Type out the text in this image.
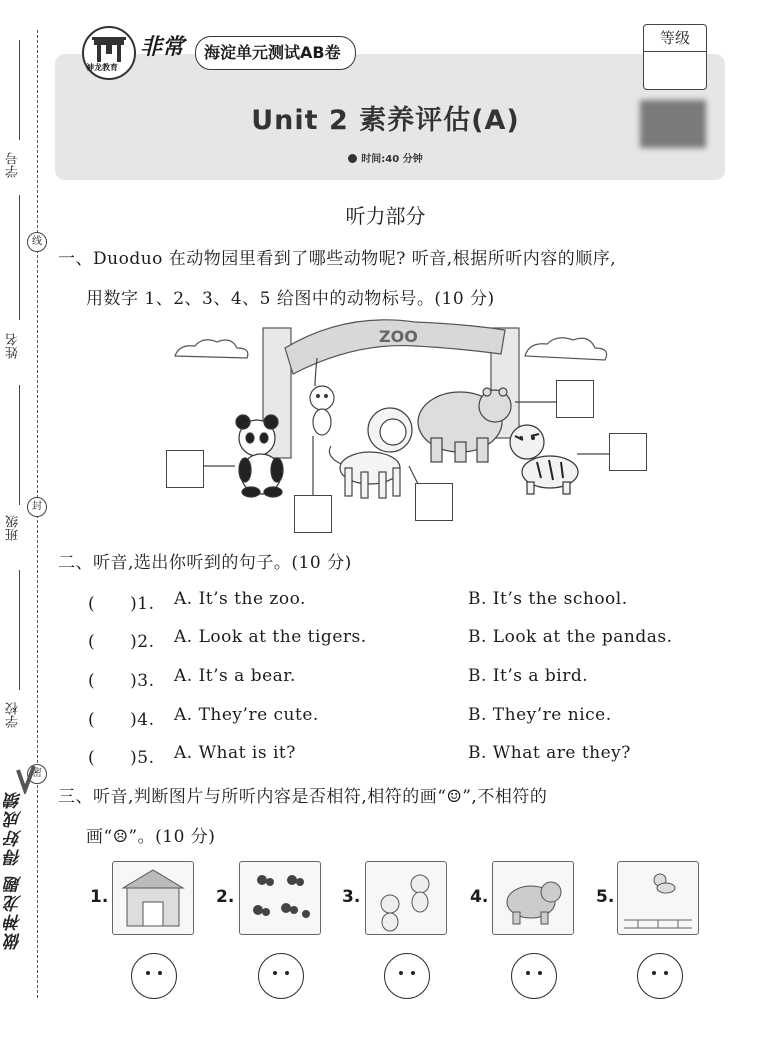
学号
姓名
班级
学校
线
封
密
做神龙题 得好成绩
神龙教育
非常	海淀单元测试AB卷
等级
Unit 2 素养评估(A)
时间:40 分钟
听力部分
一、Duoduo 在动物园里看到了哪些动物呢? 听音,根据所听内容的顺序,
用数字 1、2、3、4、5 给图中的动物标号。(10 分)
ZOO
二、听音,选出你听到的句子。(10 分)
(　　)1. A. It’s the zoo.	B. It’s the school.
(　　)2. A. Look at the tigers.	B. Look at the pandas.
(　　)3. A. It’s a bear.	B. It’s a bird.
(　　)4. A. They’re cute.	B. They’re nice.
(　　)5. A. What is it?	B. What are they?
三、听音,判断图片与所听内容是否相符,相符的画“☺”,不相符的
画“☹”。(10 分)
1.	2.	3.	4.	5.
